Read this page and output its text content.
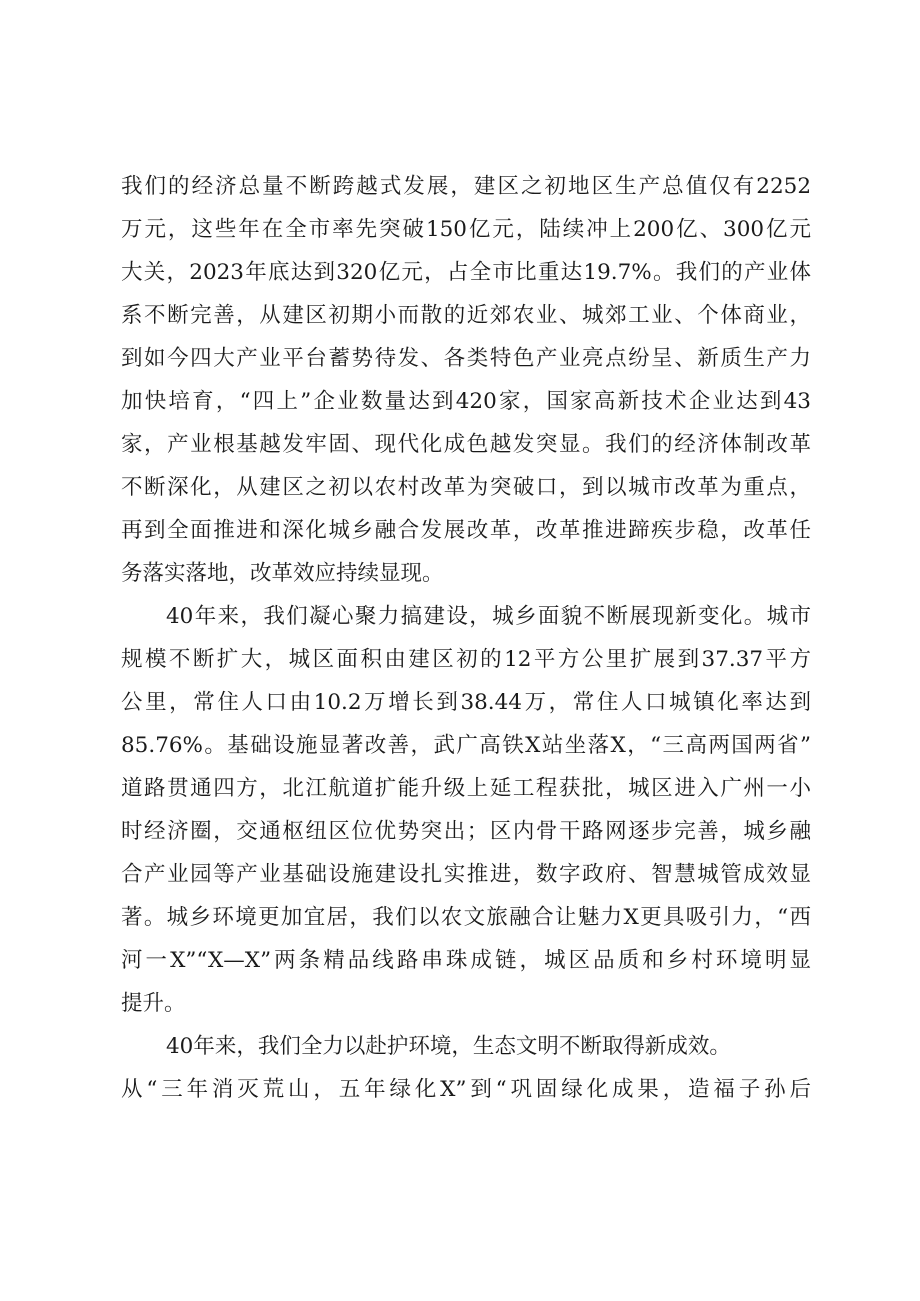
我们的经济总量不断跨越式发展，建区之初地区生产总值仅有2252
万元，这些年在全市率先突破150亿元，陆续冲上200亿、300亿元
大关，2023年底达到320亿元，占全市比重达19.7%。我们的产业体
系不断完善，从建区初期小而散的近郊农业、城郊工业、个体商业，
到如今四大产业平台蓄势待发、各类特色产业亮点纷呈、新质生产力
加快培育，“四上”企业数量达到420家，国家高新技术企业达到43
家，产业根基越发牢固、现代化成色越发突显。我们的经济体制改革
不断深化，从建区之初以农村改革为突破口，到以城市改革为重点，
再到全面推进和深化城乡融合发展改革，改革推进蹄疾步稳，改革任
务落实落地，改革效应持续显现。
40年来，我们凝心聚力搞建设，城乡面貌不断展现新变化。城市
规模不断扩大，城区面积由建区初的12平方公里扩展到37.37平方
公里，常住人口由10.2万增长到38.44万，常住人口城镇化率达到
85.76%。基础设施显著改善，武广高铁X站坐落X，“三高两国两省”
道路贯通四方，北江航道扩能升级上延工程获批，城区进入广州一小
时经济圈，交通枢纽区位优势突出；区内骨干路网逐步完善，城乡融
合产业园等产业基础设施建设扎实推进，数字政府、智慧城管成效显
著。城乡环境更加宜居，我们以农文旅融合让魅力X更具吸引力，“西
河一X”“X—X”两条精品线路串珠成链，城区品质和乡村环境明显
提升。
40年来，我们全力以赴护环境，生态文明不断取得新成效。
从“三年消灭荒山，五年绿化X”到“巩固绿化成果，造福子孙后
